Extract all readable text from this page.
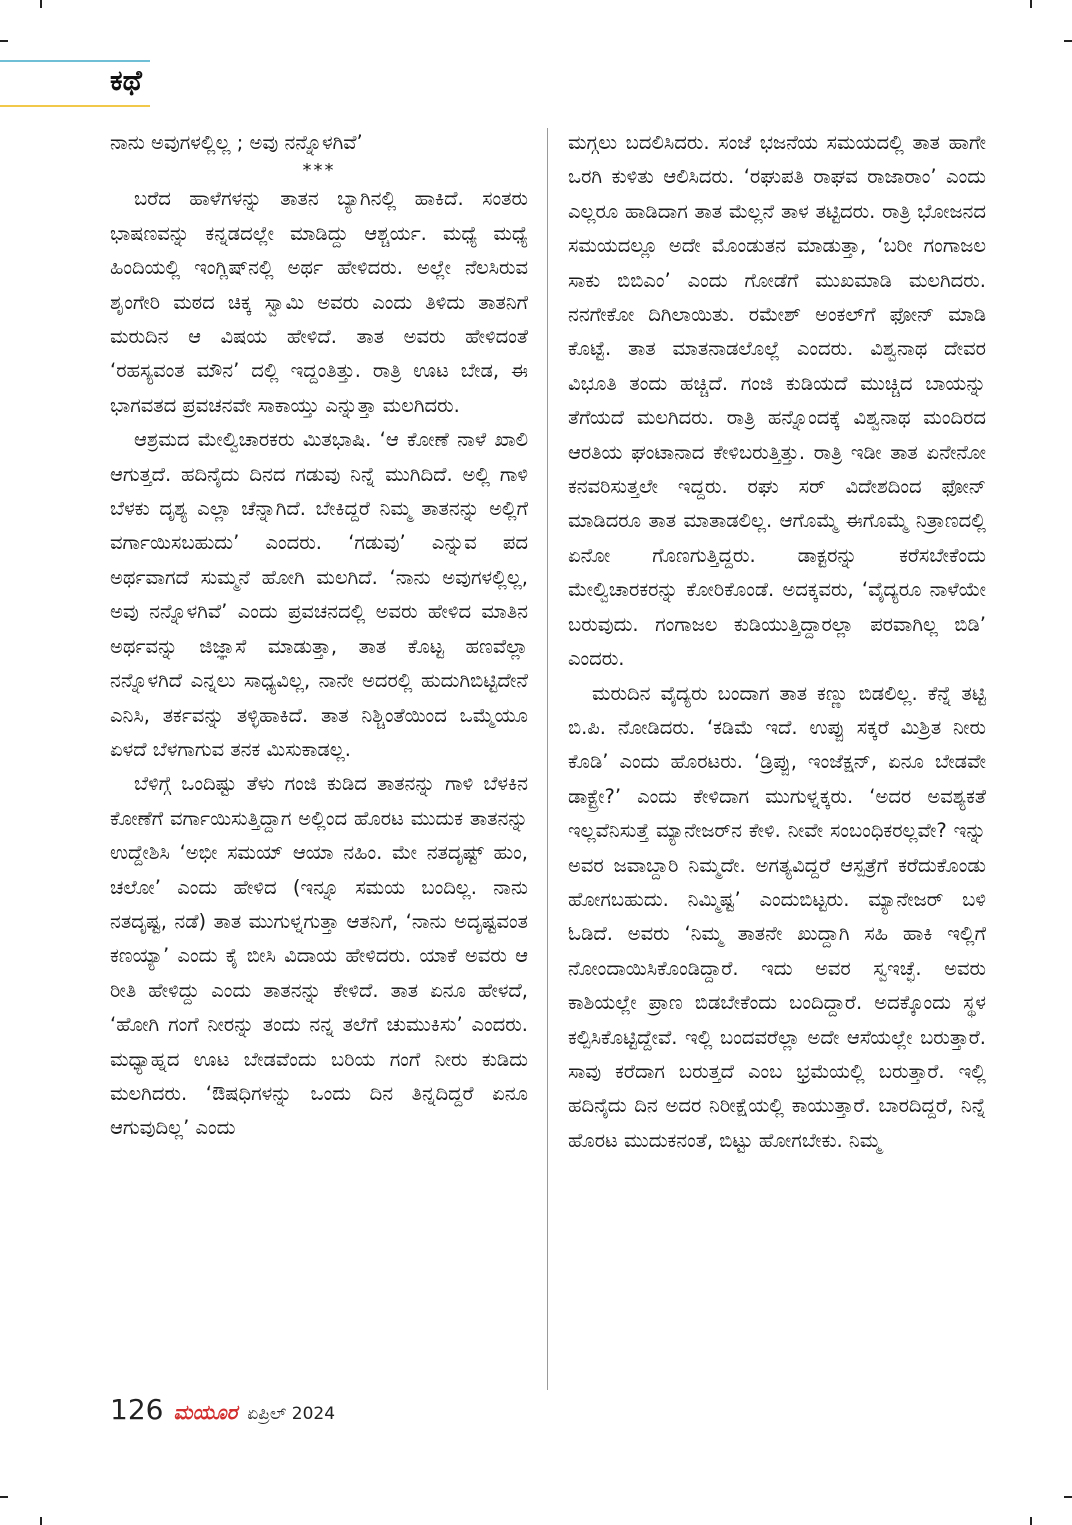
ಕಥೆ

ನಾನು ಅವುಗಳಲ್ಲಿಲ್ಲ ; ಅವು ನನ್ನೊಳಗಿವೆ’

***

ಬರೆದ ಹಾಳೆಗಳನ್ನು ತಾತನ ಬ್ಯಾಗಿನಲ್ಲಿ ಹಾಕಿದೆ. ಸಂತರು ಭಾಷಣವನ್ನು ಕನ್ನಡದಲ್ಲೇ ಮಾಡಿದ್ದು ಆಶ್ಚರ್ಯ. ಮಧ್ಯೆ ಮಧ್ಯೆ ಹಿಂದಿಯಲ್ಲಿ ಇಂಗ್ಲಿಷ್‌ನಲ್ಲಿ ಅರ್ಥ ಹೇಳಿದರು. ಅಲ್ಲೇ ನೆಲಸಿರುವ ಶೃಂಗೇರಿ ಮಠದ ಚಿಕ್ಕ ಸ್ವಾಮಿ ಅವರು ಎಂದು ತಿಳಿದು ತಾತನಿಗೆ ಮರುದಿನ ಆ ವಿಷಯ ಹೇಳಿದೆ. ತಾತ ಅವರು ಹೇಳಿದಂತೆ ‘ರಹಸ್ಯವಂತ ಮೌನ’ ದಲ್ಲಿ ಇದ್ದಂತಿತ್ತು. ರಾತ್ರಿ ಊಟ ಬೇಡ, ಈ ಭಾಗವತದ ಪ್ರವಚನವೇ ಸಾಕಾಯ್ತು ಎನ್ನುತ್ತಾ ಮಲಗಿದರು.

ಆಶ್ರಮದ ಮೇಲ್ವಿಚಾರಕರು ಮಿತಭಾಷಿ. ‘ಆ ಕೋಣೆ ನಾಳೆ ಖಾಲಿ ಆಗುತ್ತದೆ. ಹದಿನೈದು ದಿನದ ಗಡುವು ನಿನ್ನೆ ಮುಗಿದಿದೆ. ಅಲ್ಲಿ ಗಾಳಿ ಬೆಳಕು ದೃಶ್ಯ ಎಲ್ಲಾ ಚೆನ್ನಾಗಿದೆ. ಬೇಕಿದ್ದರೆ ನಿಮ್ಮ ತಾತನನ್ನು ಅಲ್ಲಿಗೆ ವರ್ಗಾಯಿಸಬಹುದು’ ಎಂದರು. ‘ಗಡುವು’ ಎನ್ನುವ ಪದ ಅರ್ಥವಾಗದೆ ಸುಮ್ಮನೆ ಹೋಗಿ ಮಲಗಿದೆ. ‘ನಾನು ಅವುಗಳಲ್ಲಿಲ್ಲ, ಅವು ನನ್ನೊಳಗಿವೆ’ ಎಂದು ಪ್ರವಚನದಲ್ಲಿ ಅವರು ಹೇಳಿದ ಮಾತಿನ ಅರ್ಥವನ್ನು ಜಿಜ್ಞಾಸೆ ಮಾಡುತ್ತಾ, ತಾತ ಕೊಟ್ಟ ಹಣವೆಲ್ಲಾ ನನ್ನೊಳಗಿದೆ ಎನ್ನಲು ಸಾಧ್ಯವಿಲ್ಲ, ನಾನೇ ಅದರಲ್ಲಿ ಹುದುಗಿಬಿಟ್ಟಿದೇನೆ ಎನಿಸಿ, ತರ್ಕವನ್ನು ತಳ್ಳಿಹಾಕಿದೆ. ತಾತ ನಿಶ್ಚಿಂತೆಯಿಂದ ಒಮ್ಮೆಯೂ ಏಳದೆ ಬೆಳಗಾಗುವ ತನಕ ಮಿಸುಕಾಡಲ್ಲ.

ಬೆಳಿಗ್ಗೆ ಒಂದಿಷ್ಟು ತೆಳು ಗಂಜಿ ಕುಡಿದ ತಾತನನ್ನು ಗಾಳಿ ಬೆಳಕಿನ ಕೋಣೆಗೆ ವರ್ಗಾಯಿಸುತ್ತಿದ್ದಾಗ ಅಲ್ಲಿಂದ ಹೊರಟ ಮುದುಕ ತಾತನನ್ನು ಉದ್ದೇಶಿಸಿ ‘ಅಭೀ ಸಮಯ್ ಆಯಾ ನಹಿಂ. ಮೇ ನತದೃಷ್ಟ್ ಹುಂ, ಚಲೋ’ ಎಂದು ಹೇಳಿದ (ಇನ್ನೂ ಸಮಯ ಬಂದಿಲ್ಲ. ನಾನು ನತದೃಷ್ಟ, ನಡೆ) ತಾತ ಮುಗುಳ್ನಗುತ್ತಾ ಆತನಿಗೆ, ‘ನಾನು ಅದೃಷ್ಟವಂತ ಕಣಯ್ಯಾ’ ಎಂದು ಕೈ ಬೀಸಿ ವಿದಾಯ ಹೇಳಿದರು. ಯಾಕೆ ಅವರು ಆ ರೀತಿ ಹೇಳಿದ್ದು ಎಂದು ತಾತನನ್ನು ಕೇಳಿದೆ. ತಾತ ಏನೂ ಹೇಳದೆ, ‘ಹೋಗಿ ಗಂಗೆ ನೀರನ್ನು ತಂದು ನನ್ನ ತಲೆಗೆ ಚುಮುಕಿಸು’ ಎಂದರು. ಮಧ್ಯಾಹ್ನದ ಊಟ ಬೇಡವೆಂದು ಬರಿಯ ಗಂಗೆ ನೀರು ಕುಡಿದು ಮಲಗಿದರು. ‘ಔಷಧಿಗಳನ್ನು ಒಂದು ದಿನ ತಿನ್ನದಿದ್ದರೆ ಏನೂ ಆಗುವುದಿಲ್ಲ’ ಎಂದು

ಮಗ್ಗಲು ಬದಲಿಸಿದರು. ಸಂಜೆ ಭಜನೆಯ ಸಮಯದಲ್ಲಿ ತಾತ ಹಾಗೇ ಒರಗಿ ಕುಳಿತು ಆಲಿಸಿದರು. ‘ರಘುಪತಿ ರಾಘವ ರಾಜಾರಾಂ’ ಎಂದು ಎಲ್ಲರೂ ಹಾಡಿದಾಗ ತಾತ ಮೆಲ್ಲನೆ ತಾಳ ತಟ್ಟಿದರು. ರಾತ್ರಿ ಭೋಜನದ ಸಮಯದಲ್ಲೂ ಅದೇ ಮೊಂಡುತನ ಮಾಡುತ್ತಾ, ‘ಬರೀ ಗಂಗಾಜಲ ಸಾಕು ಬಿಬಿಎಂ’ ಎಂದು ಗೋಡೆಗೆ ಮುಖಮಾಡಿ ಮಲಗಿದರು. ನನಗೇಕೋ ದಿಗಿಲಾಯಿತು. ರಮೇಶ್ ಅಂಕಲ್‌ಗೆ ಫೋನ್ ಮಾಡಿ ಕೊಟ್ಟೆ. ತಾತ ಮಾತನಾಡಲೊಲ್ಲೆ ಎಂದರು. ವಿಶ್ವನಾಥ ದೇವರ ವಿಭೂತಿ ತಂದು ಹಚ್ಚಿದೆ. ಗಂಜಿ ಕುಡಿಯದೆ ಮುಚ್ಚಿದ ಬಾಯನ್ನು ತೆಗೆಯದೆ ಮಲಗಿದರು. ರಾತ್ರಿ ಹನ್ನೊಂದಕ್ಕೆ ವಿಶ್ವನಾಥ ಮಂದಿರದ ಆರತಿಯ ಘಂಟಾನಾದ ಕೇಳಿಬರುತ್ತಿತ್ತು. ರಾತ್ರಿ ಇಡೀ ತಾತ ಏನೇನೋ ಕನವರಿಸುತ್ತಲೇ ಇದ್ದರು. ರಘು ಸರ್ ವಿದೇಶದಿಂದ ಫೋನ್ ಮಾಡಿದರೂ ತಾತ ಮಾತಾಡಲಿಲ್ಲ. ಆಗೊಮ್ಮೆ ಈಗೊಮ್ಮೆ ನಿತ್ರಾಣದಲ್ಲಿ ಏನೋ ಗೊಣಗುತ್ತಿದ್ದರು. ಡಾಕ್ಟರನ್ನು ಕರೆಸಬೇಕೆಂದು ಮೇಲ್ವಿಚಾರಕರನ್ನು ಕೋರಿಕೊಂಡೆ. ಅದಕ್ಕವರು, ‘ವೈದ್ಯರೂ ನಾಳೆಯೇ ಬರುವುದು. ಗಂಗಾಜಲ ಕುಡಿಯುತ್ತಿದ್ದಾರಲ್ಲಾ ಪರವಾಗಿಲ್ಲ ಬಿಡಿ’ ಎಂದರು.

ಮರುದಿನ ವೈದ್ಯರು ಬಂದಾಗ ತಾತ ಕಣ್ಣು ಬಿಡಲಿಲ್ಲ. ಕೆನ್ನೆ ತಟ್ಟಿ ಬಿ.ಪಿ. ನೋಡಿದರು. ‘ಕಡಿಮೆ ಇದೆ. ಉಪ್ಪು ಸಕ್ಕರೆ ಮಿಶ್ರಿತ ನೀರು ಕೊಡಿ’ ಎಂದು ಹೊರಟರು. ‘ಡ್ರಿಪ್ಪು, ಇಂಜೆಕ್ಷನ್, ಏನೂ ಬೇಡವೇ ಡಾಕ್ಟ್ರೇ?’ ಎಂದು ಕೇಳಿದಾಗ ಮುಗುಳ್ನಕ್ಕರು. ‘ಅದರ ಅವಶ್ಯಕತೆ ಇಲ್ಲವೆನಿಸುತ್ತೆ ಮ್ಯಾನೇಜರ್‌ನ ಕೇಳಿ. ನೀವೇ ಸಂಬಂಧಿಕರಲ್ಲವೇ? ಇನ್ನು ಅವರ ಜವಾಬ್ದಾರಿ ನಿಮ್ಮದೇ. ಅಗತ್ಯವಿದ್ದರೆ ಆಸ್ಪತ್ರೆಗೆ ಕರೆದುಕೊಂಡು ಹೋಗಬಹುದು. ನಿಮ್ಮಿಷ್ಟ’ ಎಂದುಬಿಟ್ಟರು. ಮ್ಯಾನೇಜರ್ ಬಳಿ ಓಡಿದೆ. ಅವರು ‘ನಿಮ್ಮ ತಾತನೇ ಖುದ್ದಾಗಿ ಸಹಿ ಹಾಕಿ ಇಲ್ಲಿಗೆ ನೋಂದಾಯಿಸಿಕೊಂಡಿದ್ದಾರೆ. ಇದು ಅವರ ಸ್ವಇಚ್ಛೆ. ಅವರು ಕಾಶಿಯಲ್ಲೇ ಪ್ರಾಣ ಬಿಡಬೇಕೆಂದು ಬಂದಿದ್ದಾರೆ. ಅದಕ್ಕೊಂದು ಸ್ಥಳ ಕಲ್ಪಿಸಿಕೊಟ್ಟಿದ್ದೇವೆ. ಇಲ್ಲಿ ಬಂದವರೆಲ್ಲಾ ಅದೇ ಆಸೆಯಲ್ಲೇ ಬರುತ್ತಾರೆ. ಸಾವು ಕರೆದಾಗ ಬರುತ್ತದೆ ಎಂಬ ಭ್ರಮೆಯಲ್ಲಿ ಬರುತ್ತಾರೆ. ಇಲ್ಲಿ ಹದಿನೈದು ದಿನ ಅದರ ನಿರೀಕ್ಷೆಯಲ್ಲಿ ಕಾಯುತ್ತಾರೆ. ಬಾರದಿದ್ದರೆ, ನಿನ್ನೆ ಹೊರಟ ಮುದುಕನಂತೆ, ಬಿಟ್ಟು ಹೋಗಬೇಕು. ನಿಮ್ಮ

126 ಮಯೂರ ಏಪ್ರಿಲ್ 2024
